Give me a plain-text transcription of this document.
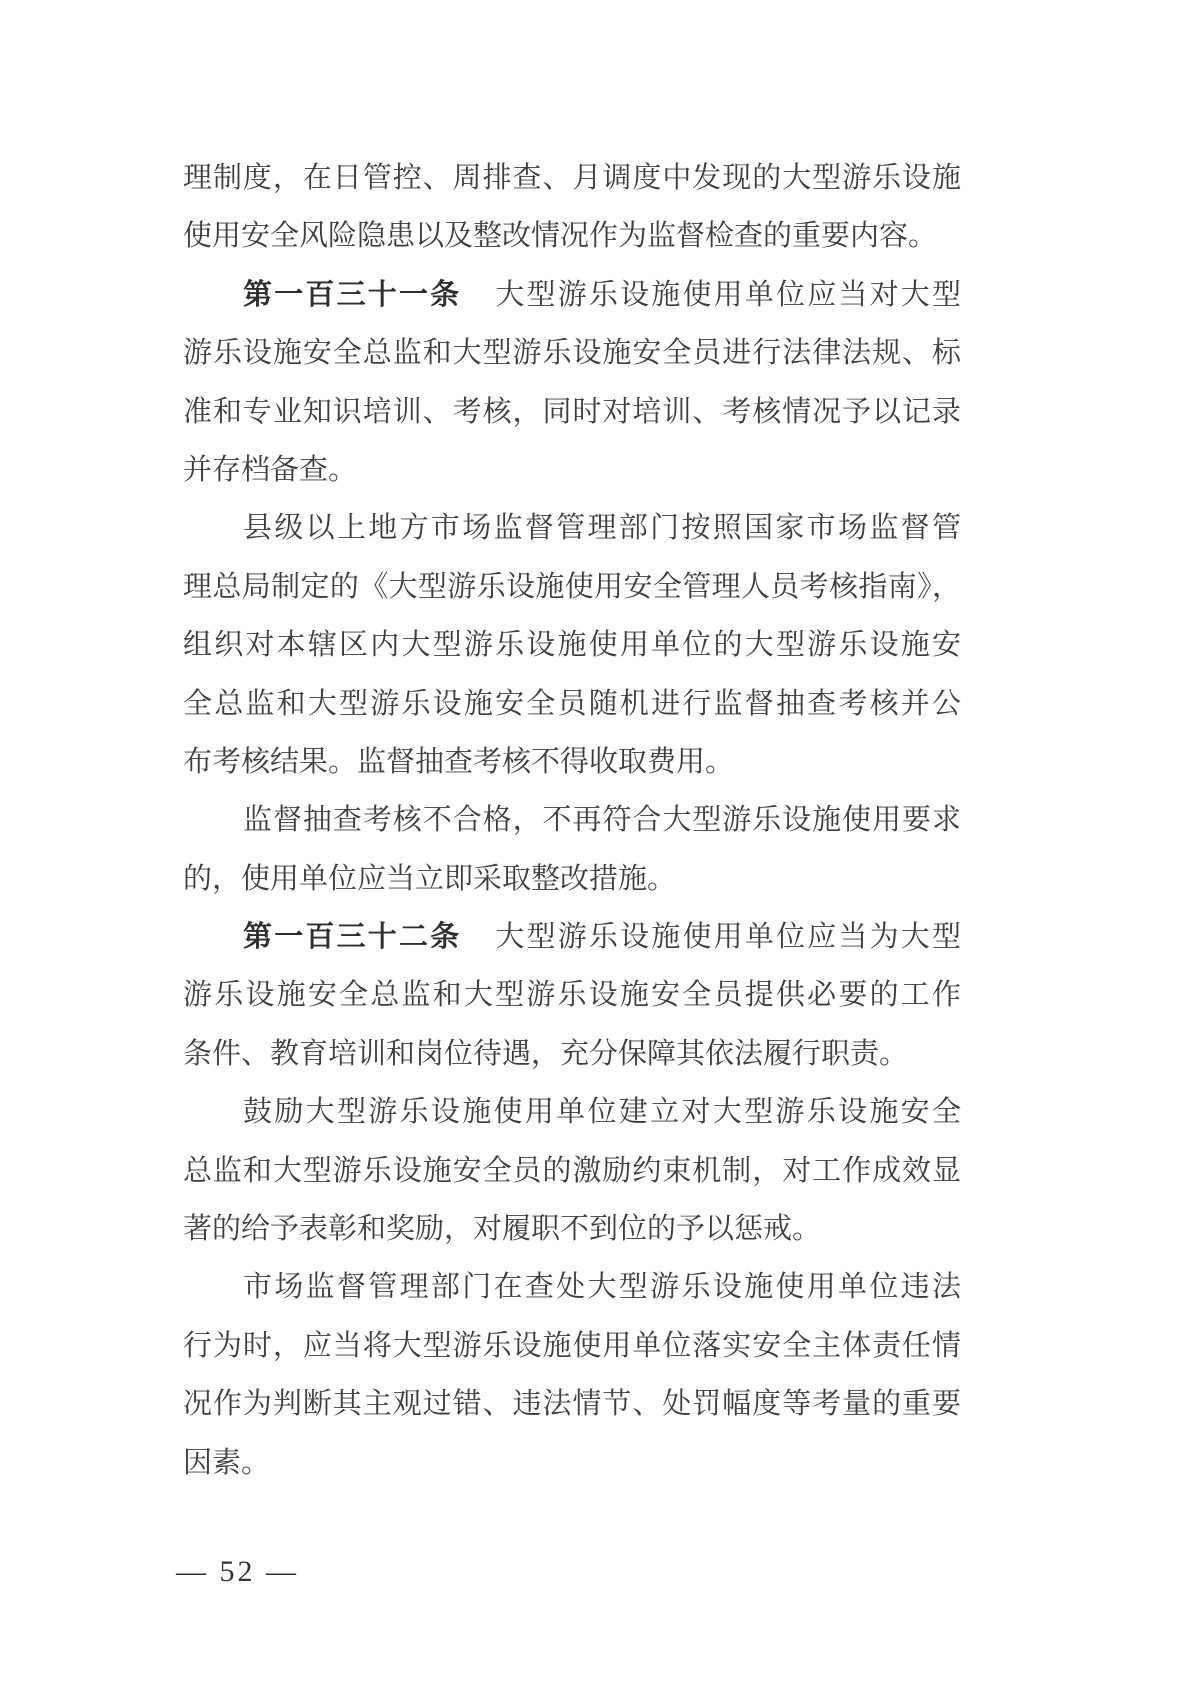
理制度，在日管控、周排查、月调度中发现的大型游乐设施
使用安全风险隐患以及整改情况作为监督检查的重要内容。
第一百三十一条 大型游乐设施使用单位应当对大型
游乐设施安全总监和大型游乐设施安全员进行法律法规、标
准和专业知识培训、考核，同时对培训、考核情况予以记录
并存档备查。
县级以上地方市场监督管理部门按照国家市场监督管
理总局制定的《大型游乐设施使用安全管理人员考核指南》，
组织对本辖区内大型游乐设施使用单位的大型游乐设施安
全总监和大型游乐设施安全员随机进行监督抽查考核并公
布考核结果。监督抽查考核不得收取费用。
监督抽查考核不合格，不再符合大型游乐设施使用要求
的，使用单位应当立即采取整改措施。
第一百三十二条 大型游乐设施使用单位应当为大型
游乐设施安全总监和大型游乐设施安全员提供必要的工作
条件、教育培训和岗位待遇，充分保障其依法履行职责。
鼓励大型游乐设施使用单位建立对大型游乐设施安全
总监和大型游乐设施安全员的激励约束机制，对工作成效显
著的给予表彰和奖励，对履职不到位的予以惩戒。
市场监督管理部门在查处大型游乐设施使用单位违法
行为时，应当将大型游乐设施使用单位落实安全主体责任情
况作为判断其主观过错、违法情节、处罚幅度等考量的重要
因素。
— 52 —
